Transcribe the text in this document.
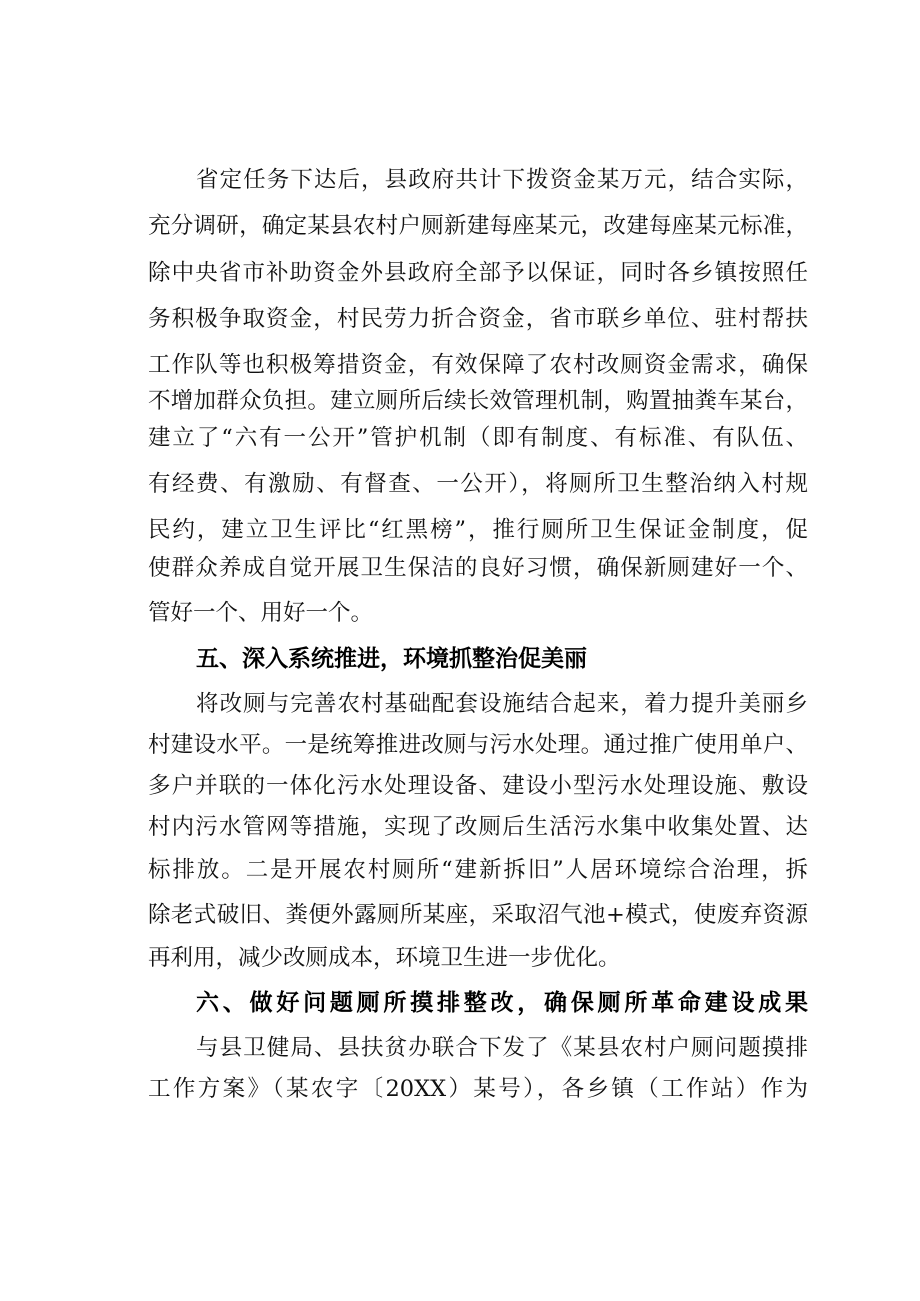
省定任务下达后，县政府共计下拨资金某万元，结合实际，
充分调研，确定某县农村户厕新建每座某元，改建每座某元标准，
除中央省市补助资金外县政府全部予以保证，同时各乡镇按照任
务积极争取资金，村民劳力折合资金，省市联乡单位、驻村帮扶
工作队等也积极筹措资金，有效保障了农村改厕资金需求，确保
不增加群众负担。建立厕所后续长效管理机制，购置抽粪车某台，
建立了“六有一公开”管护机制（即有制度、有标准、有队伍、
有经费、有激励、有督查、一公开），将厕所卫生整治纳入村规
民约，建立卫生评比“红黑榜”，推行厕所卫生保证金制度，促
使群众养成自觉开展卫生保洁的良好习惯，确保新厕建好一个、
管好一个、用好一个。
五、深入系统推进，环境抓整治促美丽
将改厕与完善农村基础配套设施结合起来，着力提升美丽乡
村建设水平。一是统筹推进改厕与污水处理。通过推广使用单户、
多户并联的一体化污水处理设备、建设小型污水处理设施、敷设
村内污水管网等措施，实现了改厕后生活污水集中收集处置、达
标排放。二是开展农村厕所“建新拆旧”人居环境综合治理，拆
除老式破旧、粪便外露厕所某座，采取沼气池+模式，使废弃资源
再利用，减少改厕成本，环境卫生进一步优化。
六、做好问题厕所摸排整改，确保厕所革命建设成果
与县卫健局、县扶贫办联合下发了《某县农村户厕问题摸排
工作方案》（某农字〔20XX）某号），各乡镇（工作站）作为
